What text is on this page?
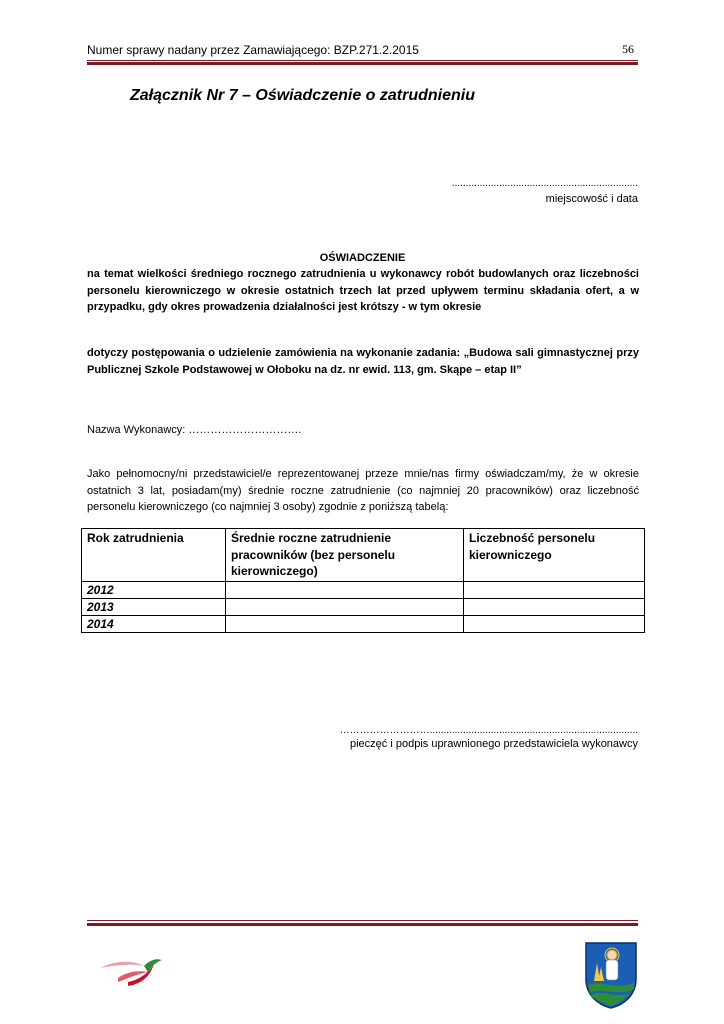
Numer sprawy nadany przez Zamawiającego: BZP.271.2.2015	56
Załącznik Nr 7 – Oświadczenie o zatrudnieniu
...................................................................
miejscowość i data
OŚWIADCZENIE
na temat wielkości średniego rocznego zatrudnienia u wykonawcy robót budowlanych oraz liczebności personelu kierowniczego w okresie ostatnich trzech lat przed upływem terminu składania ofert, a w przypadku, gdy okres prowadzenia działalności jest krótszy - w tym okresie
dotyczy postępowania o udzielenie zamówienia na wykonanie zadania: „Budowa sali gimnastycznej przy Publicznej Szkole Podstawowej w Ołoboku na dz. nr ewid. 113, gm. Skąpe – etap II”
Nazwa Wykonawcy: ………………………….
Jako pełnomocny/ni przedstawiciel/e reprezentowanej przeze mnie/nas firmy oświadczam/my, że w okresie ostatnich 3 lat, posiadam(my) średnie roczne zatrudnienie (co najmniej 20 pracowników) oraz liczebność personelu kierowniczego (co najmniej 3 osoby) zgodnie z poniższą tabelą:
Rok zatrudnienia	Średnie roczne zatrudnienie pracowników (bez personelu kierowniczego)	Liczebność personelu kierowniczego
2012		
2013		
2014		
………………………...........................................................................
pieczęć i podpis uprawnionego przedstawiciela wykonawcy
